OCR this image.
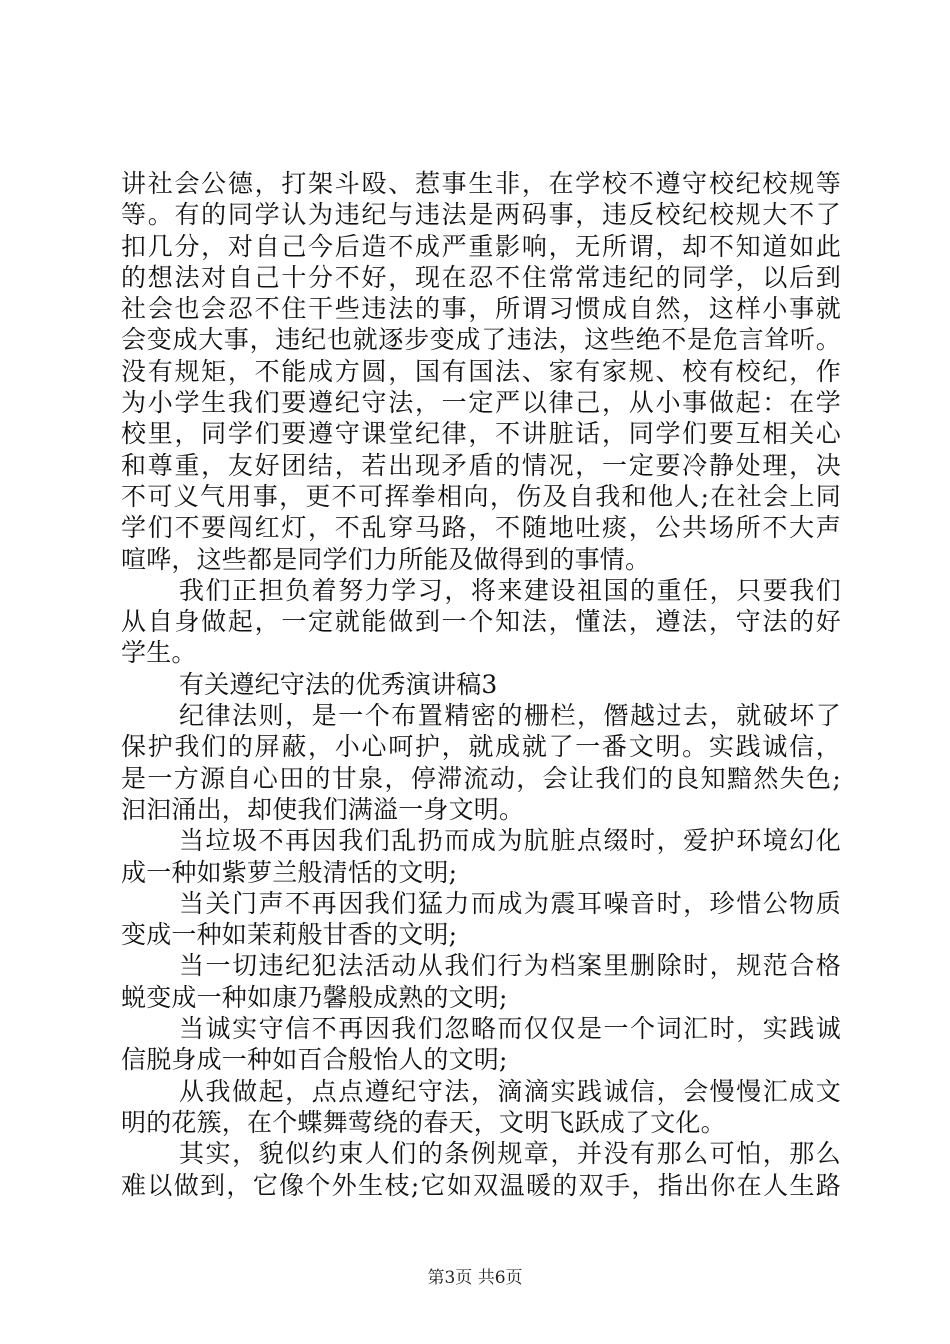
讲社会公德，打架斗殴、惹事生非，在学校不遵守校纪校规等
等。有的同学认为违纪与违法是两码事，违反校纪校规大不了
扣几分，对自己今后造不成严重影响，无所谓，却不知道如此
的想法对自己十分不好，现在忍不住常常违纪的同学，以后到
社会也会忍不住干些违法的事，所谓习惯成自然，这样小事就
会变成大事，违纪也就逐步变成了违法，这些绝不是危言耸听。
没有规矩，不能成方圆，国有国法、家有家规、校有校纪，作
为小学生我们要遵纪守法，一定严以律己，从小事做起：在学
校里，同学们要遵守课堂纪律，不讲脏话，同学们要互相关心
和尊重，友好团结，若出现矛盾的情况，一定要冷静处理，决
不可义气用事，更不可挥拳相向，伤及自我和他人;在社会上同
学们不要闯红灯，不乱穿马路，不随地吐痰，公共场所不大声
喧哗，这些都是同学们力所能及做得到的事情。
我们正担负着努力学习，将来建设祖国的重任，只要我们
从自身做起，一定就能做到一个知法，懂法，遵法，守法的好
学生。
有关遵纪守法的优秀演讲稿3
纪律法则，是一个布置精密的栅栏，僭越过去，就破坏了
保护我们的屏蔽，小心呵护，就成就了一番文明。实践诚信，
是一方源自心田的甘泉，停滞流动，会让我们的良知黯然失色;
汩汩涌出，却使我们满溢一身文明。
当垃圾不再因我们乱扔而成为肮脏点缀时，爱护环境幻化
成一种如紫萝兰般清恬的文明;
当关门声不再因我们猛力而成为震耳噪音时，珍惜公物质
变成一种如茉莉般甘香的文明;
当一切违纪犯法活动从我们行为档案里删除时，规范合格
蜕变成一种如康乃馨般成熟的文明;
当诚实守信不再因我们忽略而仅仅是一个词汇时，实践诚
信脱身成一种如百合般怡人的文明;
从我做起，点点遵纪守法，滴滴实践诚信，会慢慢汇成文
明的花簇，在个蝶舞莺绕的春天，文明飞跃成了文化。
其实，貌似约束人们的条例规章，并没有那么可怕，那么
难以做到，它像个外生枝;它如双温暖的双手，指出你在人生路
第3页 共6页
